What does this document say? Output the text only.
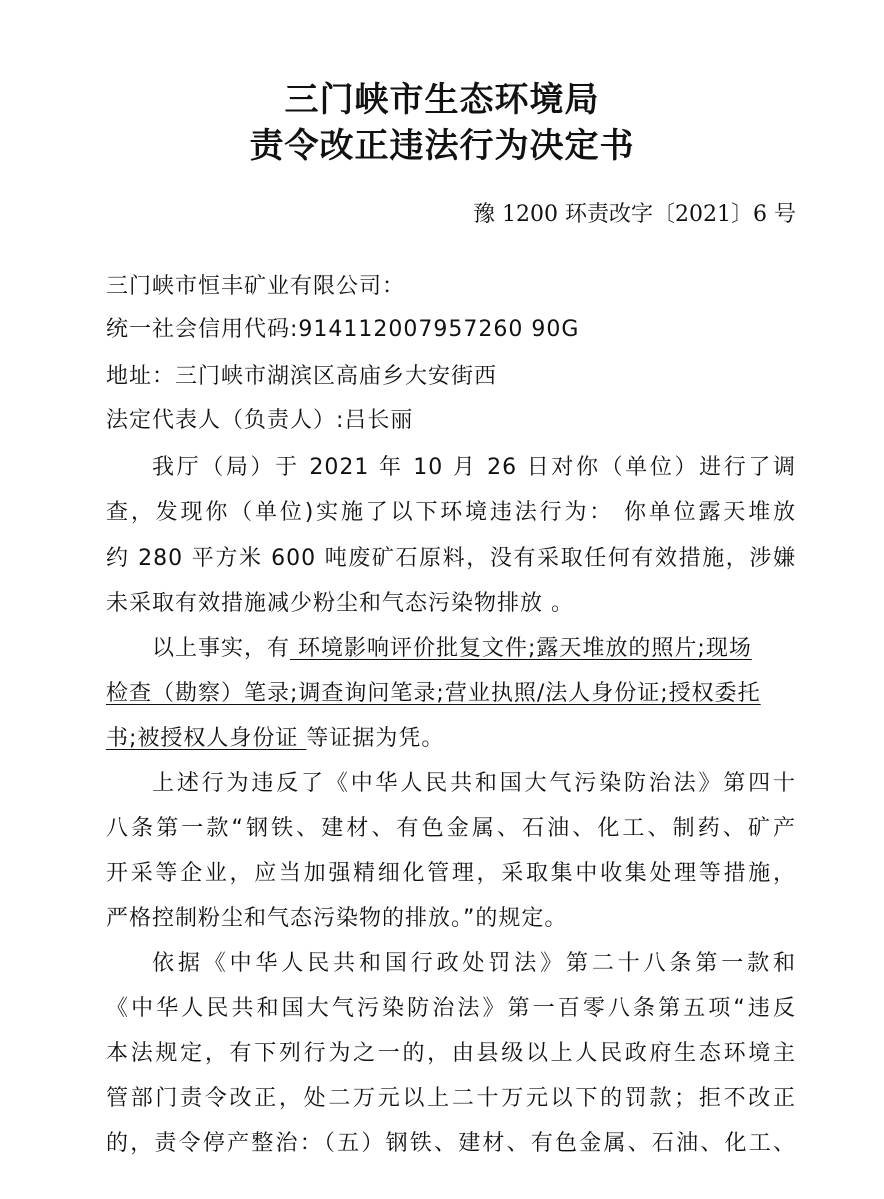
三门峡市生态环境局
责令改正违法行为决定书
豫 1200 环责改字〔2021〕6 号
三门峡市恒丰矿业有限公司：
统一社会信用代码:914112007957260 90G
地址：三门峡市湖滨区高庙乡大安街西
法定代表人（负责人）:吕长丽
我厅（局）于 2021 年 10 月 26 日对你（单位）进行了调
查，发现你（单位)实施了以下环境违法行为： 你单位露天堆放
约 280 平方米 600 吨废矿石原料，没有采取任何有效措施，涉嫌
未采取有效措施减少粉尘和气态污染物排放 。
以上事实，有 环境影响评价批复文件;露天堆放的照片;现场
检查（勘察）笔录;调查询问笔录;营业执照/法人身份证;授权委托
书;被授权人身份证 等证据为凭。
上述行为违反了《中华人民共和国大气污染防治法》第四十
八条第一款“钢铁、建材、有色金属、石油、化工、制药、矿产
开采等企业，应当加强精细化管理，采取集中收集处理等措施，
严格控制粉尘和气态污染物的排放。”的规定。
依据《中华人民共和国行政处罚法》第二十八条第一款和
《中华人民共和国大气污染防治法》第一百零八条第五项“违反
本法规定，有下列行为之一的，由县级以上人民政府生态环境主
管部门责令改正，处二万元以上二十万元以下的罚款；拒不改正
的，责令停产整治：（五）钢铁、建材、有色金属、石油、化工、
